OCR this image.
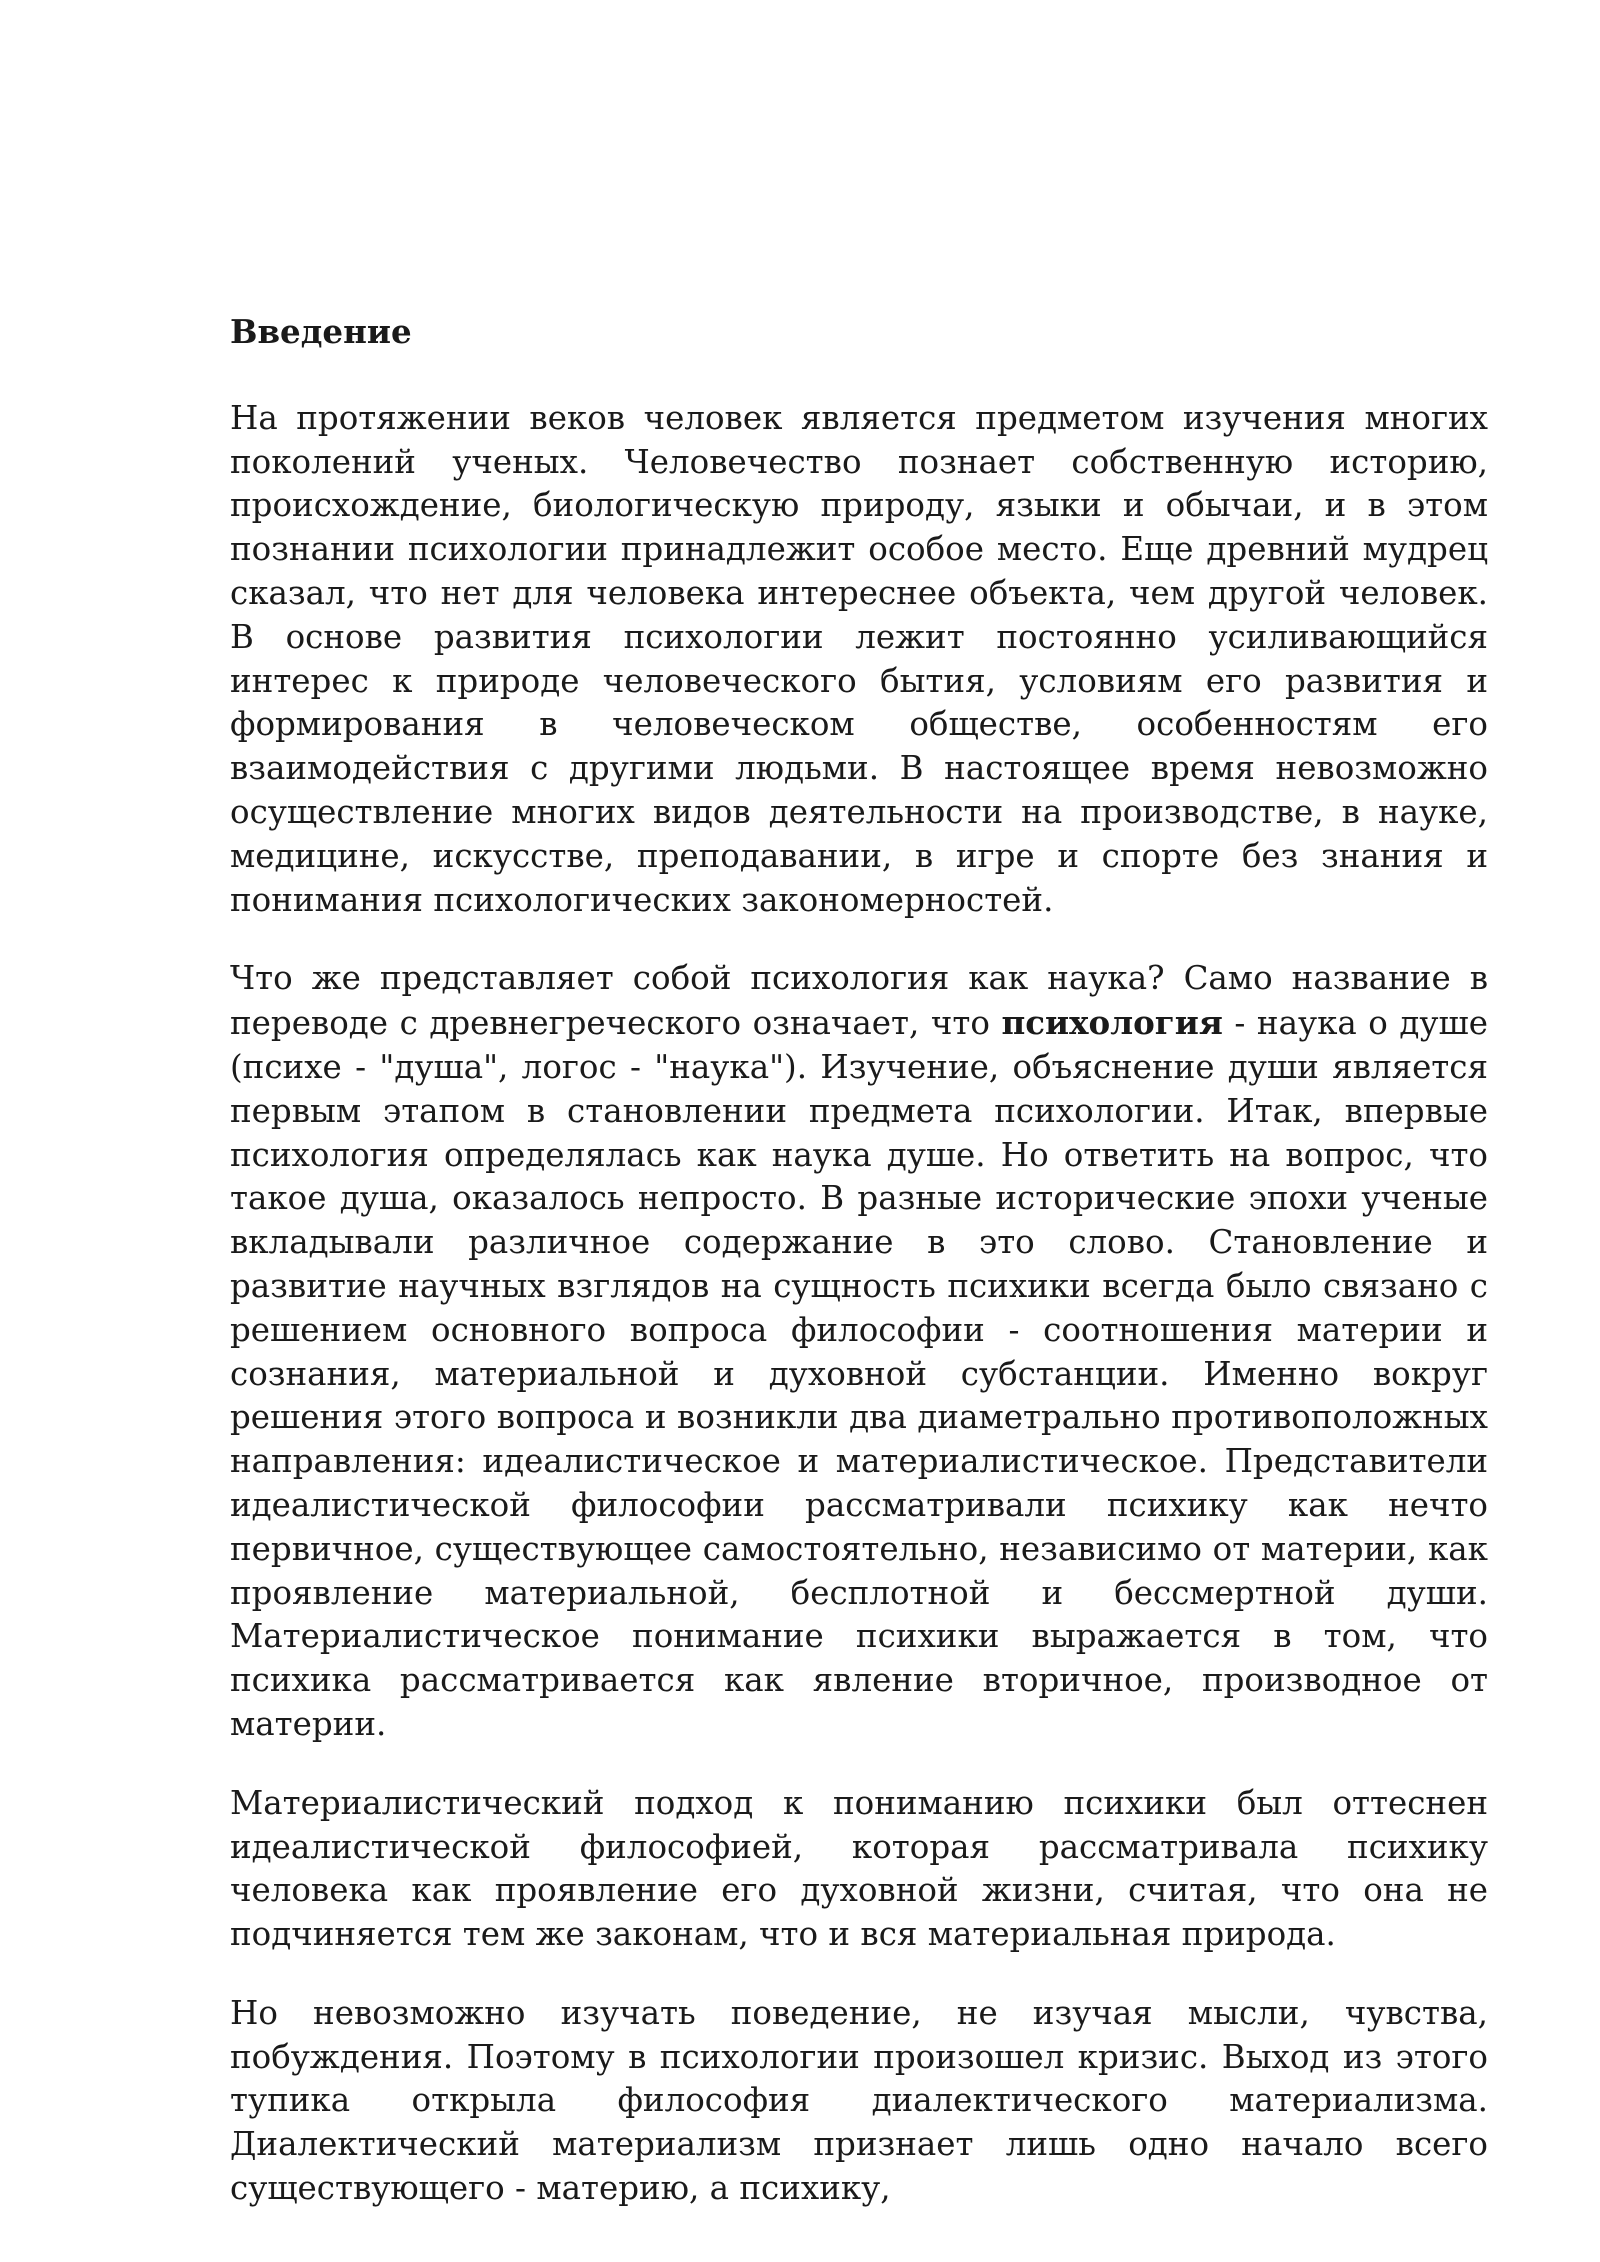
Введение

На протяжении веков человек является предметом изучения многих поколений ученых. Человечество познает собственную историю, происхождение, биологическую природу, языки и обычаи, и в этом познании психологии принадлежит особое место. Еще древний мудрец сказал, что нет для человека интереснее объекта, чем другой человек. В основе развития психологии лежит постоянно усиливающийся интерес к природе человеческого бытия, условиям его развития и формирования в человеческом обществе, особенностям его взаимодействия с другими людьми. В настоящее время невозможно осуществление многих видов деятельности на производстве, в науке, медицине, искусстве, преподавании, в игре и спорте без знания и понимания психологических закономерностей.

Что же представляет собой психология как наука? Само название в переводе с древнегреческого означает, что психология - наука о душе (психе - "душа", логос - "наука"). Изучение, объяснение души является первым этапом в становлении предмета психологии. Итак, впервые психология определялась как наука душе. Но ответить на вопрос, что такое душа, оказалось непросто. В разные исторические эпохи ученые вкладывали различное содержание в это слово. Становление и развитие научных взглядов на сущность психики всегда было связано с решением основного вопроса философии - соотношения материи и сознания, материальной и духовной субстанции. Именно вокруг решения этого вопроса и возникли два диаметрально противоположных направления: идеалистическое и материалистическое. Представители идеалистической философии рассматривали психику как нечто первичное, существующее самостоятельно, независимо от материи, как проявление материальной, бесплотной и бессмертной души. Материалистическое понимание психики выражается в том, что психика рассматривается как явление вторичное, производное от материи.

Материалистический подход к пониманию психики был оттеснен идеалистической философией, которая рассматривала психику человека как проявление его духовной жизни, считая, что она не подчиняется тем же законам, что и вся материальная природа.

Но невозможно изучать поведение, не изучая мысли, чувства, побуждения. Поэтому в психологии произошел кризис. Выход из этого тупика открыла философия диалектического материализма. Диалектический материализм признает лишь одно начало всего существующего - материю, а психику,
